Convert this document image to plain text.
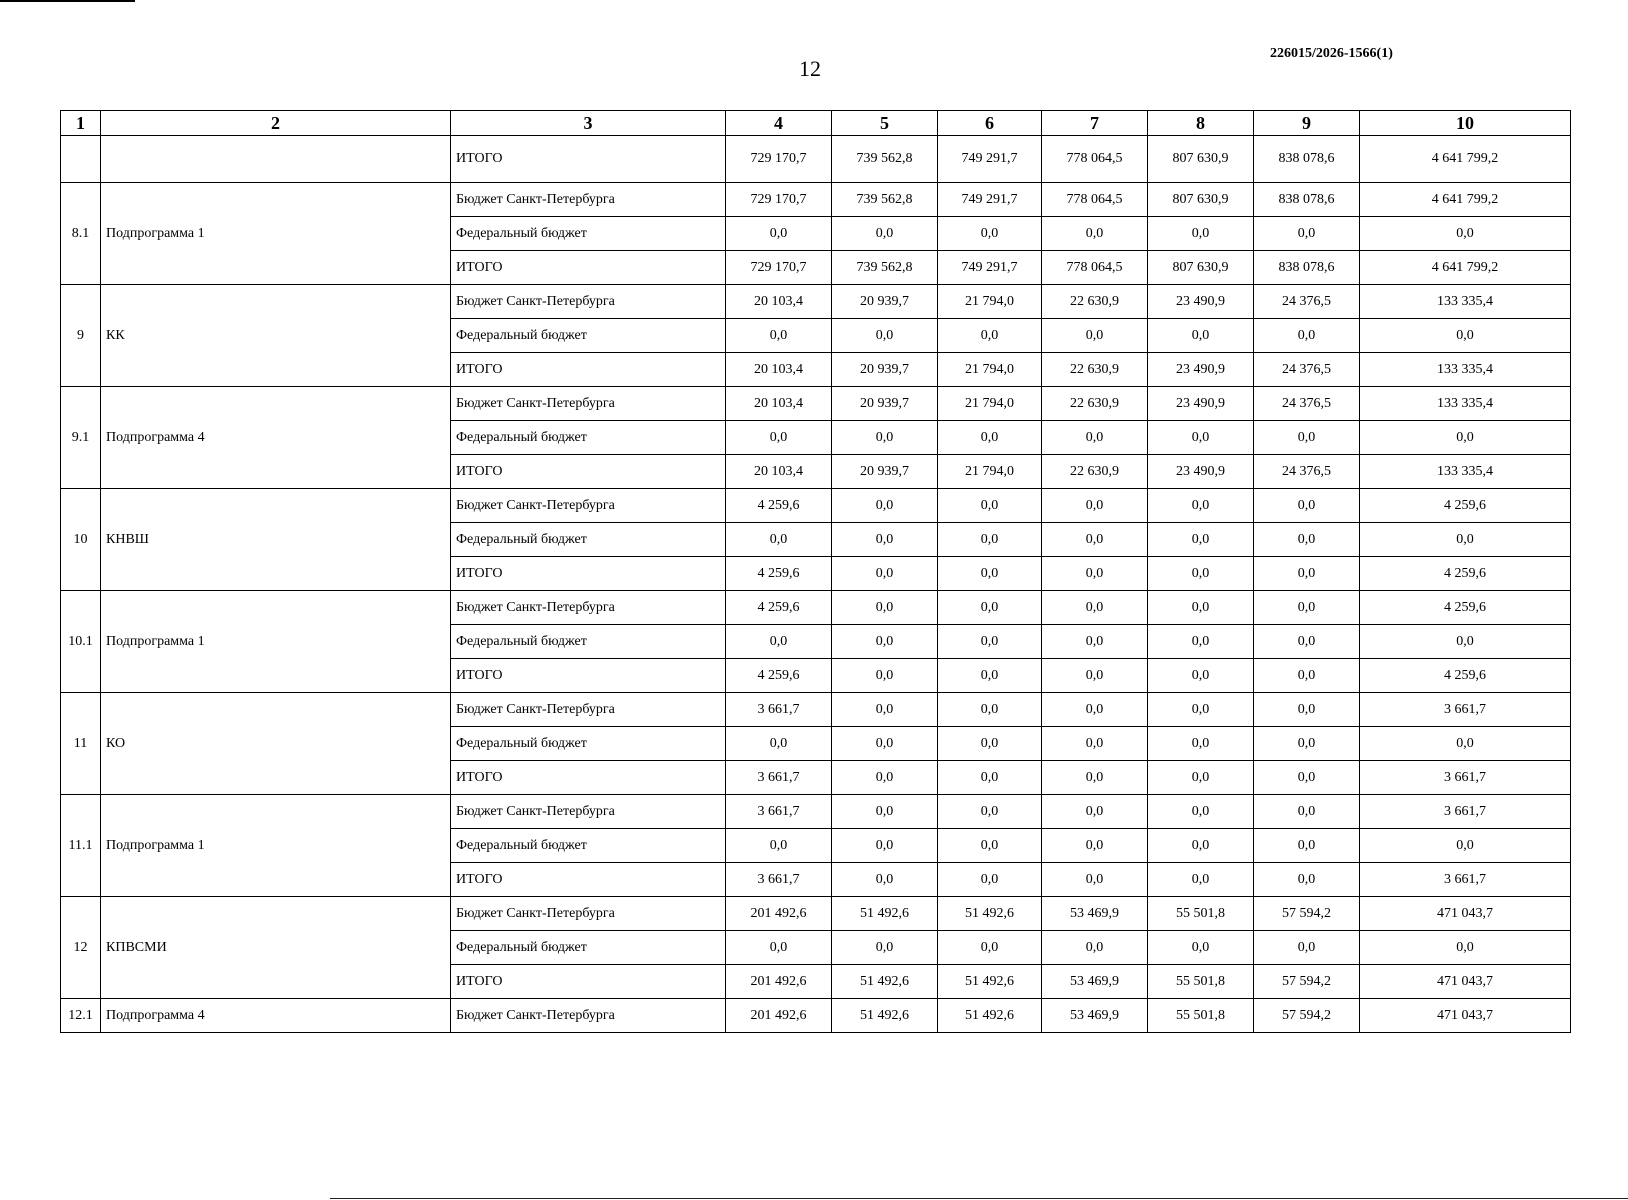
12
226015/2026-1566(1)
1	2	3	4	5	6	7	8	9	10
		ИТОГО	729 170,7	739 562,8	749 291,7	778 064,5	807 630,9	838 078,6	4 641 799,2
8.1	Подпрограмма 1	Бюджет Санкт-Петербурга	729 170,7	739 562,8	749 291,7	778 064,5	807 630,9	838 078,6	4 641 799,2
		Федеральный бюджет	0,0	0,0	0,0	0,0	0,0	0,0	0,0
		ИТОГО	729 170,7	739 562,8	749 291,7	778 064,5	807 630,9	838 078,6	4 641 799,2
9	КК	Бюджет Санкт-Петербурга	20 103,4	20 939,7	21 794,0	22 630,9	23 490,9	24 376,5	133 335,4
		Федеральный бюджет	0,0	0,0	0,0	0,0	0,0	0,0	0,0
		ИТОГО	20 103,4	20 939,7	21 794,0	22 630,9	23 490,9	24 376,5	133 335,4
9.1	Подпрограмма 4	Бюджет Санкт-Петербурга	20 103,4	20 939,7	21 794,0	22 630,9	23 490,9	24 376,5	133 335,4
		Федеральный бюджет	0,0	0,0	0,0	0,0	0,0	0,0	0,0
		ИТОГО	20 103,4	20 939,7	21 794,0	22 630,9	23 490,9	24 376,5	133 335,4
10	КНВШ	Бюджет Санкт-Петербурга	4 259,6	0,0	0,0	0,0	0,0	0,0	4 259,6
		Федеральный бюджет	0,0	0,0	0,0	0,0	0,0	0,0	0,0
		ИТОГО	4 259,6	0,0	0,0	0,0	0,0	0,0	4 259,6
10.1	Подпрограмма 1	Бюджет Санкт-Петербурга	4 259,6	0,0	0,0	0,0	0,0	0,0	4 259,6
		Федеральный бюджет	0,0	0,0	0,0	0,0	0,0	0,0	0,0
		ИТОГО	4 259,6	0,0	0,0	0,0	0,0	0,0	4 259,6
11	КО	Бюджет Санкт-Петербурга	3 661,7	0,0	0,0	0,0	0,0	0,0	3 661,7
		Федеральный бюджет	0,0	0,0	0,0	0,0	0,0	0,0	0,0
		ИТОГО	3 661,7	0,0	0,0	0,0	0,0	0,0	3 661,7
11.1	Подпрограмма 1	Бюджет Санкт-Петербурга	3 661,7	0,0	0,0	0,0	0,0	0,0	3 661,7
		Федеральный бюджет	0,0	0,0	0,0	0,0	0,0	0,0	0,0
		ИТОГО	3 661,7	0,0	0,0	0,0	0,0	0,0	3 661,7
12	КПВСМИ	Бюджет Санкт-Петербурга	201 492,6	51 492,6	51 492,6	53 469,9	55 501,8	57 594,2	471 043,7
		Федеральный бюджет	0,0	0,0	0,0	0,0	0,0	0,0	0,0
		ИТОГО	201 492,6	51 492,6	51 492,6	53 469,9	55 501,8	57 594,2	471 043,7
12.1	Подпрограмма 4	Бюджет Санкт-Петербурга	201 492,6	51 492,6	51 492,6	53 469,9	55 501,8	57 594,2	471 043,7
